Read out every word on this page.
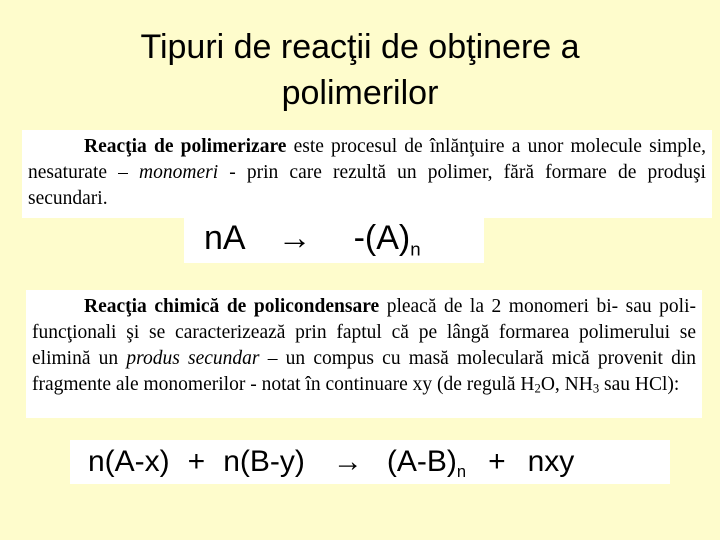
Tipuri de reacţii de obţinere a
polimerilor

Reacţia de polimerizare este procesul de înlănţuire a unor molecule simple, nesaturate – monomeri - prin care rezultă un polimer, fără formare de produşi secundari.

nA → $-(A)_n$

Reacţia chimică de policondensare pleacă de la 2 monomeri bi- sau poli-funcţionali şi se caracterizează prin faptul că pe lângă formarea polimerului se elimină un produs secundar – un compus cu masă moleculară mică provenit din fragmente ale monomerilor - notat în continuare xy (de regulă $H_2O$, $NH_3$ sau HCl):

$n(A-x) + n(B-y) \to (A-B)_n$ + nxy
